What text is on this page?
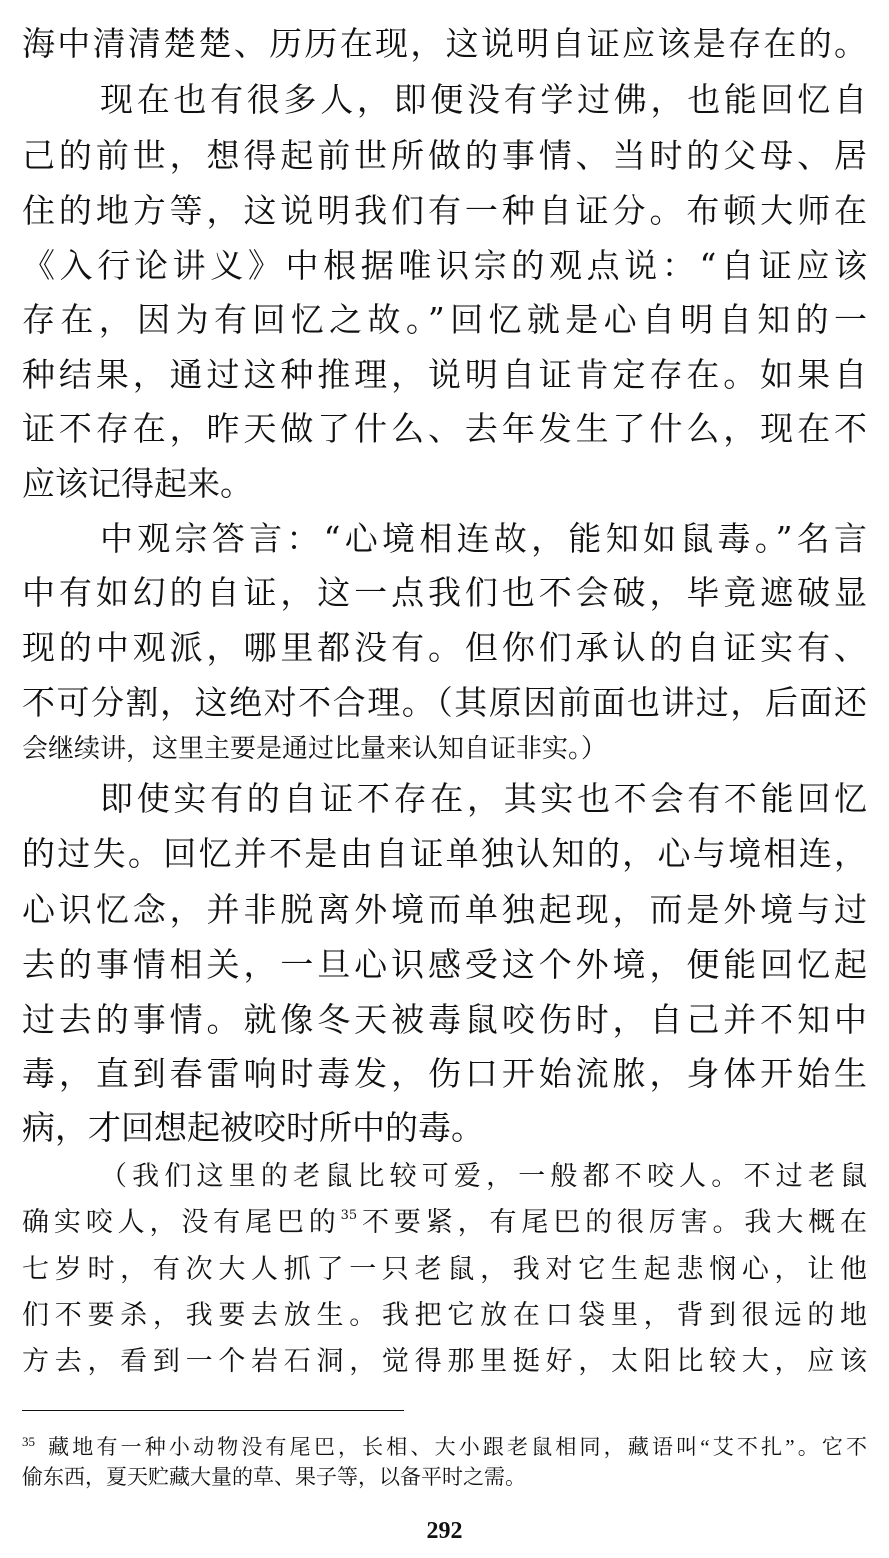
海中清清楚楚、历历在现，这说明自证应该是存在的。
现在也有很多人，即便没有学过佛，也能回忆自
己的前世，想得起前世所做的事情、当时的父母、居
住的地方等，这说明我们有一种自证分。布顿大师在
《入行论讲义》中根据唯识宗的观点说：“自证应该
存在，因为有回忆之故。”回忆就是心自明自知的一
种结果，通过这种推理，说明自证肯定存在。如果自
证不存在，昨天做了什么、去年发生了什么，现在不
应该记得起来。
中观宗答言：“心境相连故，能知如鼠毒。”名言
中有如幻的自证，这一点我们也不会破，毕竟遮破显
现的中观派，哪里都没有。但你们承认的自证实有、
不可分割，这绝对不合理。（其原因前面也讲过，后面还
会继续讲，这里主要是通过比量来认知自证非实。）
即使实有的自证不存在，其实也不会有不能回忆
的过失。回忆并不是由自证单独认知的，心与境相连，
心识忆念，并非脱离外境而单独起现，而是外境与过
去的事情相关，一旦心识感受这个外境，便能回忆起
过去的事情。就像冬天被毒鼠咬伤时，自己并不知中
毒，直到春雷响时毒发，伤口开始流脓，身体开始生
病，才回想起被咬时所中的毒。
（我们这里的老鼠比较可爱，一般都不咬人。不过老鼠
确实咬人，没有尾巴的$^{35}$不要紧，有尾巴的很厉害。我大概在
七岁时，有次大人抓了一只老鼠，我对它生起悲悯心，让他
们不要杀，我要去放生。我把它放在口袋里，背到很远的地
方去，看到一个岩石洞，觉得那里挺好，太阳比较大，应该
$^{35}$ 藏地有一种小动物没有尾巴，长相、大小跟老鼠相同，藏语叫“艾不扎”。它不
偷东西，夏天贮藏大量的草、果子等，以备平时之需。
292
